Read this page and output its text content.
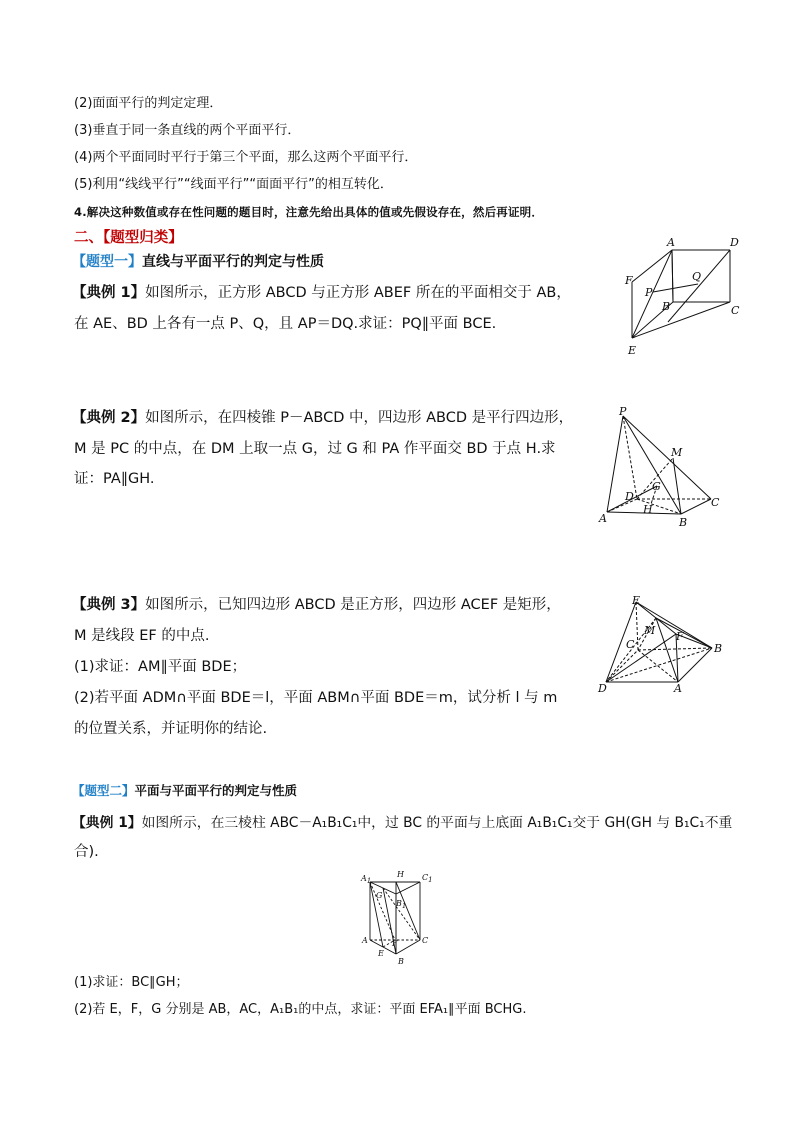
(2)面面平行的判定定理．
(3)垂直于同一条直线的两个平面平行．
(4)两个平面同时平行于第三个平面，那么这两个平面平行．
(5)利用“线线平行”“线面平行”“面面平行”的相互转化．
4.解决这种数值或存在性问题的题目时，注意先给出具体的值或先假设存在，然后再证明．
二、【题型归类】
【题型一】直线与平面平行的判定与性质
【典例 1】如图所示，正方形 ABCD 与正方形 ABEF 所在的平面相交于 AB，
在 AE、BD 上各有一点 P、Q，且 AP＝DQ.求证：PQ∥平面 BCE.
【典例 2】如图所示，在四棱锥 P－ABCD 中，四边形 ABCD 是平行四边形，
M 是 PC 的中点，在 DM 上取一点 G，过 G 和 PA 作平面交 BD 于点 H.求
证：PA∥GH.
【典例 3】如图所示，已知四边形 ABCD 是正方形，四边形 ACEF 是矩形，
M 是线段 EF 的中点.
(1)求证：AM∥平面 BDE；
(2)若平面 ADM∩平面 BDE＝l，平面 ABM∩平面 BDE＝m，试分析 l 与 m
的位置关系，并证明你的结论.
【题型二】平面与平面平行的判定与性质
【典例 1】如图所示，在三棱柱 ABC－A₁B₁C₁中，过 BC 的平面与上底面 A₁B₁C₁交于 GH(GH 与 B₁C₁不重
合).
(1)求证：BC∥GH；
(2)若 E，F，G 分别是 AB，AC，A₁B₁的中点，求证：平面 EFA₁∥平面 BCHG.
A	D
Q
F
P
B	C
E
P
M
G
D
H
A	B
C
E
M F
C	B
D	A
A1
H C1
G
B1
A	F	C
E
B
